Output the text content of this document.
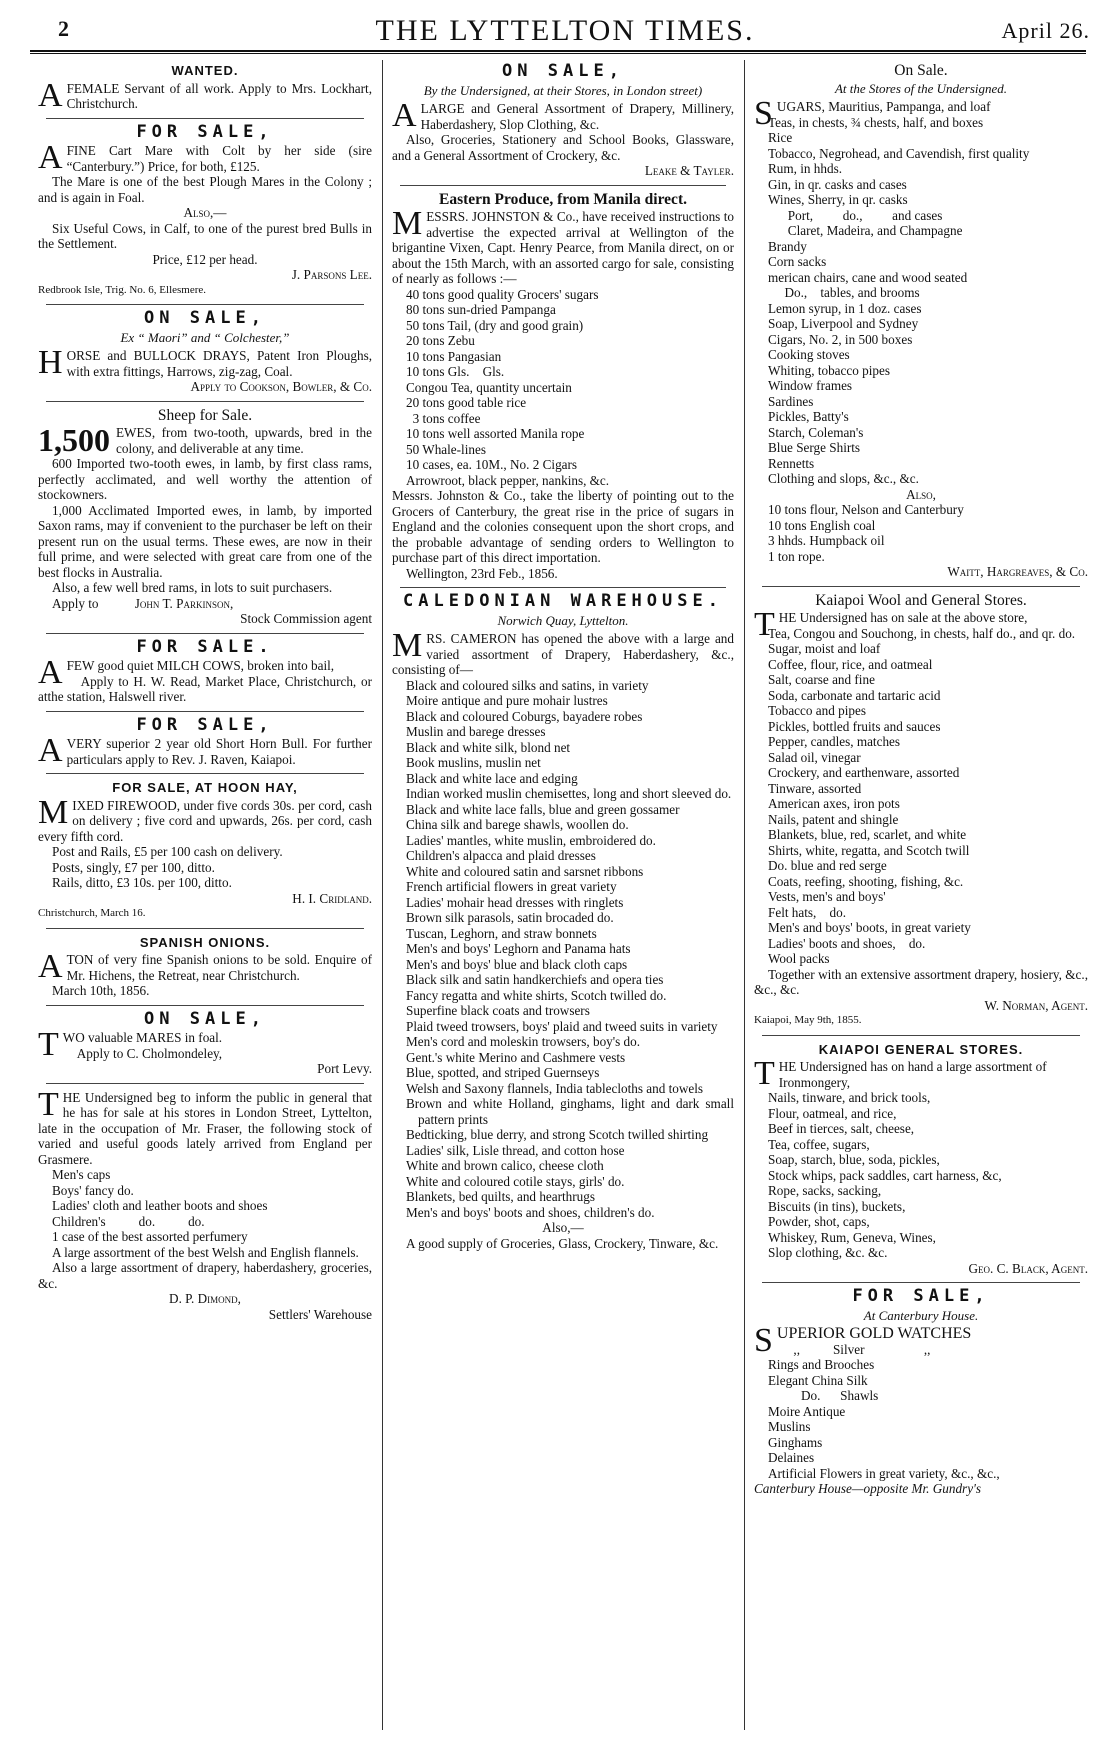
2	THE LYTTELTON TIMES.	April 26.
WANTED.

AFEMALE Servant of all work. Apply to Mrs. Lockhart, Christchurch.

FOR SALE,

AFINE Cart Mare with Colt by her side (sire “Canterbury.”) Price, for both, £125.

The Mare is one of the best Plough Mares in the Colony ; and is again in Foal.

Also,—

Six Useful Cows, in Calf, to one of the purest bred Bulls in the Settlement.

Price, £12 per head.

J. Parsons Lee.

Redbrook Isle, Trig. No. 6, Ellesmere.

ON SALE,
Ex “ Maori” and “ Colchester,”

HORSE and BULLOCK DRAYS, Patent Iron Ploughs, with extra fittings, Harrows, zig-zag, Coal.

Apply to Cookson, Bowler, & Co.

Sheep for Sale.

1,500 EWES, from two-tooth, upwards, bred in the colony, and deliverable at any time.

600 Imported two-tooth ewes, in lamb, by first class rams, perfectly acclimated, and well worthy the attention of stockowners.

1,000 Acclimated Imported ewes, in lamb, by imported Saxon rams, may if convenient to the purchaser be left on their present run on the usual terms. These ewes, are now in their full prime, and were selected with great care from one of the best flocks in Australia.

Also, a few well bred rams, in lots to suit purchasers.

Apply to	John T. Parkinson,

Stock Commission agent

FOR SALE.

AFEW good quiet MILCH COWS, broken into bail,

Apply to H. W. Read, Market Place, Christchurch, or atthe station, Halswell river.

FOR SALE,

AVERY superior 2 year old Short Horn Bull. For further particulars apply to Rev. J. Raven, Kaiapoi.

FOR SALE, AT HOON HAY,

MIXED FIREWOOD, under five cords 30s. per cord, cash on delivery ; five cord and upwards, 26s. per cord, cash every fifth cord.

Post and Rails, £5 per 100 cash on delivery.

Posts, singly, £7 per 100, ditto.

Rails, ditto, £3 10s. per 100, ditto.

H. I. Cridland.

Christchurch, March 16.

SPANISH ONIONS.

ATON of very fine Spanish onions to be sold. Enquire of Mr. Hichens, the Retreat, near Christchurch.

March 10th, 1856.

ON SALE,

TWO valuable MARES in foal.

Apply to C. Cholmondeley,

Port Levy.

THE Undersigned beg to inform the public in general that he has for sale at his stores in London Street, Lyttelton, late in the occupation of Mr. Fraser, the following stock of varied and useful goods lately arrived from England per Grasmere.

Men's caps
Boys' fancy do.
Ladies' cloth and leather boots and shoes
Children's          do.          do.
1 case of the best assorted perfumery

A large assortment of the best Welsh and English flannels.

Also a large assortment of drapery, haberdashery, groceries, &c.

D. P. Dimond,

Settlers' Warehouse

ON SALE,
By the Undersigned, at their Stores, in London street)

ALARGE and General Assortment of Drapery, Millinery, Haberdashery, Slop Clothing, &c.

Also, Groceries, Stationery and School Books, Glassware, and a General Assortment of Crockery, &c.

Leake & Tayler.

Eastern Produce, from Manila direct.

MESSRS. JOHNSTON & Co., have received instructions to advertise the expected arrival at Wellington of the brigantine Vixen, Capt. Henry Pearce, from Manila direct, on or about the 15th March, with an assorted cargo for sale, consisting of nearly as follows :—

40 tons good quality Grocers' sugars
80 tons sun-dried Pampanga
50 tons Tail, (dry and good grain)
20 tons Zebu
10 tons Pangasian
10 tons Gls.    Gls.
Congou Tea, quantity uncertain
20 tons good table rice
3 tons coffee
10 tons well assorted Manila rope
50 Whale-lines
10 cases, ea. 10M., No. 2 Cigars
Arrowroot, black pepper, nankins, &c.

Messrs. Johnston & Co., take the liberty of pointing out to the Grocers of Canterbury, the great rise in the price of sugars in England and the colonies consequent upon the short crops, and the probable advantage of sending orders to Wellington to purchase part of this direct importation.

Wellington, 23rd Feb., 1856.

CALEDONIAN WAREHOUSE.
Norwich Quay, Lyttelton.

MRS. CAMERON has opened the above with a large and varied assortment of Drapery, Haberdashery, &c., consisting of—

Black and coloured silks and satins, in variety
Moire antique and pure mohair lustres
Black and coloured Coburgs, bayadere robes
Muslin and barege dresses
Black and white silk, blond net
Book muslins, muslin net
Black and white lace and edging
Indian worked muslin chemisettes, long and short sleeved do.
Black and white lace falls, blue and green gossamer
China silk and barege shawls, woollen do.
Ladies' mantles, white muslin, embroidered do.
Children's alpacca and plaid dresses
White and coloured satin and sarsnet ribbons
French artificial flowers in great variety
Ladies' mohair head dresses with ringlets
Brown silk parasols, satin brocaded do.
Tuscan, Leghorn, and straw bonnets
Men's and boys' Leghorn and Panama hats
Men's and boys' blue and black cloth caps
Black silk and satin handkerchiefs and opera ties
Fancy regatta and white shirts, Scotch twilled do.
Superfine black coats and trowsers
Plaid tweed trowsers, boys' plaid and tweed suits in variety
Men's cord and moleskin trowsers, boy's do.
Gent.'s white Merino and Cashmere vests
Blue, spotted, and striped Guernseys
Welsh and Saxony flannels, India tablecloths and towels
Brown and white Holland, ginghams, light and dark small pattern prints
Bedticking, blue derry, and strong Scotch twilled shirting
Ladies' silk, Lisle thread, and cotton hose
White and brown calico, cheese cloth
White and coloured cotile stays, girls' do.
Blankets, bed quilts, and hearthrugs
Men's and boys' boots and shoes, children's do.

Also,—

A good supply of Groceries, Glass, Crockery, Tinware, &c.

On Sale.
At the Stores of the Undersigned.

SUGARS, Mauritius, Pampanga, and loaf

Teas, in chests, ¾ chests, half, and boxes
Rice
Tobacco, Negrohead, and Cavendish, first quality
Rum, in hhds.
Gin, in qr. casks and cases
Wines, Sherry, in qr. casks
Port,         do.,         and cases
Claret, Madeira, and Champagne
Brandy
Corn sacks
merican chairs, cane and wood seated
Do.,    tables, and brooms
Lemon syrup, in 1 doz. cases
Soap, Liverpool and Sydney
Cigars, No. 2, in 500 boxes
Cooking stoves
Whiting, tobacco pipes
Window frames
Sardines
Pickles, Batty's
Starch, Coleman's
Blue Serge Shirts
Rennetts
Clothing and slops, &c., &c.

Also,

10 tons flour, Nelson and Canterbury
10 tons English coal
3 hhds. Humpback oil
1 ton rope.

Waitt, Hargreaves, & Co.

Kaiapoi Wool and General Stores.

THE Undersigned has on sale at the above store,

Tea, Congou and Souchong, in chests, half do., and qr. do.
Sugar, moist and loaf
Coffee, flour, rice, and oatmeal
Salt, coarse and fine
Soda, carbonate and tartaric acid
Tobacco and pipes
Pickles, bottled fruits and sauces
Pepper, candles, matches
Salad oil, vinegar
Crockery, and earthenware, assorted
Tinware, assorted
American axes, iron pots
Nails, patent and shingle
Blankets, blue, red, scarlet, and white
Shirts, white, regatta, and Scotch twill
Do. blue and red serge
Coats, reefing, shooting, fishing, &c.
Vests, men's and boys'
Felt hats,    do.
Men's and boys' boots, in great variety
Ladies' boots and shoes,    do.
Wool packs

Together with an extensive assortment drapery, hosiery, &c., &c., &c.

W. Norman, Agent.

Kaiapoi, May 9th, 1855.

KAIAPOI GENERAL STORES.

THE Undersigned has on hand a large assortment of

Ironmongery,
Nails, tinware, and brick tools,
Flour, oatmeal, and rice,
Beef in tierces, salt, cheese,
Tea, coffee, sugars,
Soap, starch, blue, soda, pickles,
Stock whips, pack saddles, cart harness, &c,
Rope, sacks, sacking,
Biscuits (in tins), buckets,
Powder, shot, caps,
Whiskey, Rum, Geneva, Wines,
Slop clothing, &c. &c.

Geo. C. Black, Agent.

FOR SALE,
At Canterbury House.

SUPERIOR GOLD WATCHES

,,          Silver                  ,,
Rings and Brooches
Elegant China Silk
Do.      Shawls
Moire Antique
Muslins
Ginghams
Delaines
Artificial Flowers in great variety, &c., &c.,

Canterbury House—opposite Mr. Gundry's
